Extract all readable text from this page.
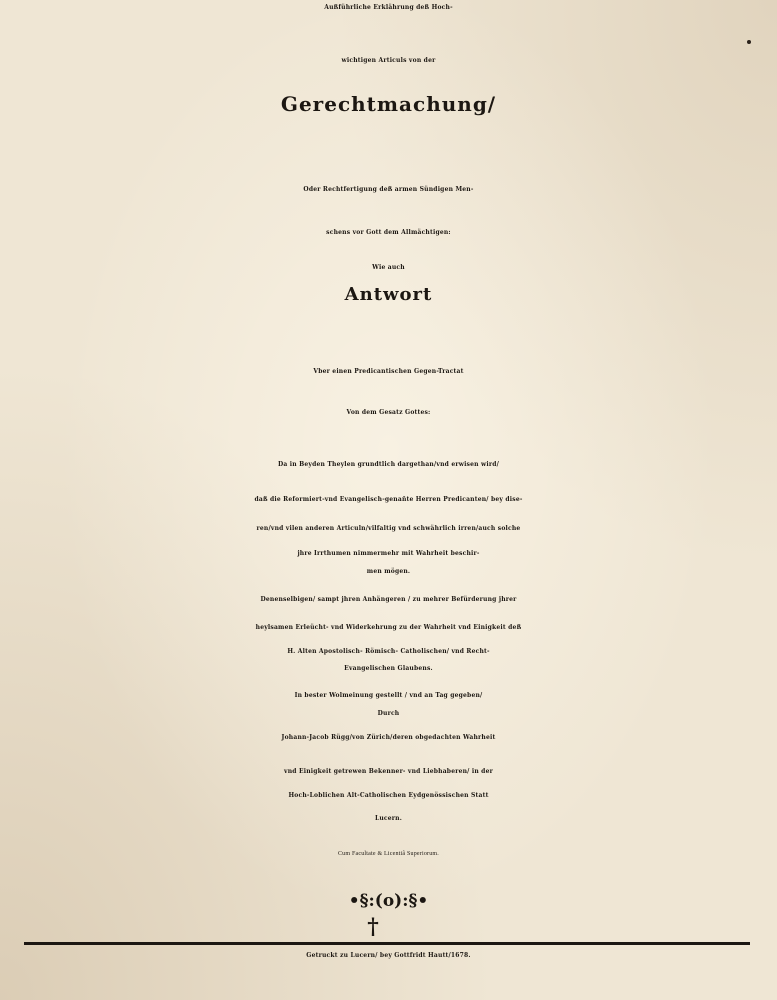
Außführliche Erklährung deß Hoch-
wichtigen Articuls von der
Gerechtmachung/
Oder Rechtfertigung deß armen Sündigen Men-
schens vor Gott dem Allmächtigen:
Wie auch
Antwort
Vber einen Predicantischen Gegen-Tractat
Von dem Gesatz Gottes:
Da in Beyden Theylen grundtlich dargethan/vnd erwisen wird/
daß die Reformiert-vnd Evangelisch-genañte Herren Predicanten/ bey dise-
ren/vnd vilen anderen Articuln/vilfaltig vnd schwährlich irren/auch solche
jhre Irrthumen nimmermehr mit Wahrheit beschir-
men mögen.
Denenselbigen/ sampt jhren Anhängeren / zu mehrer Befürderung jhrer
heylsamen Erleücht- vnd Widerkehrung zu der Wahrheit vnd Einigkeit deß
H. Alten Apostolisch- Römisch- Catholischen/ vnd Recht-
Evangelischen Glaubens.
In bester Wolmeinung gestellt / vnd an Tag gegeben/
Durch
Johann-Jacob Rügg/von Zürich/deren obgedachten Wahrheit
vnd Einigkeit getrewen Bekenner- vnd Liebhaberen/ in der
Hoch-Loblichen Alt-Catholischen Eydgenössischen Statt
Lucern.
Cum Facultate & Licentiâ Superiorum.
•§:(o):§•
†
Getruckt zu Lucern/ bey Gottfridt Hautt/1678.
